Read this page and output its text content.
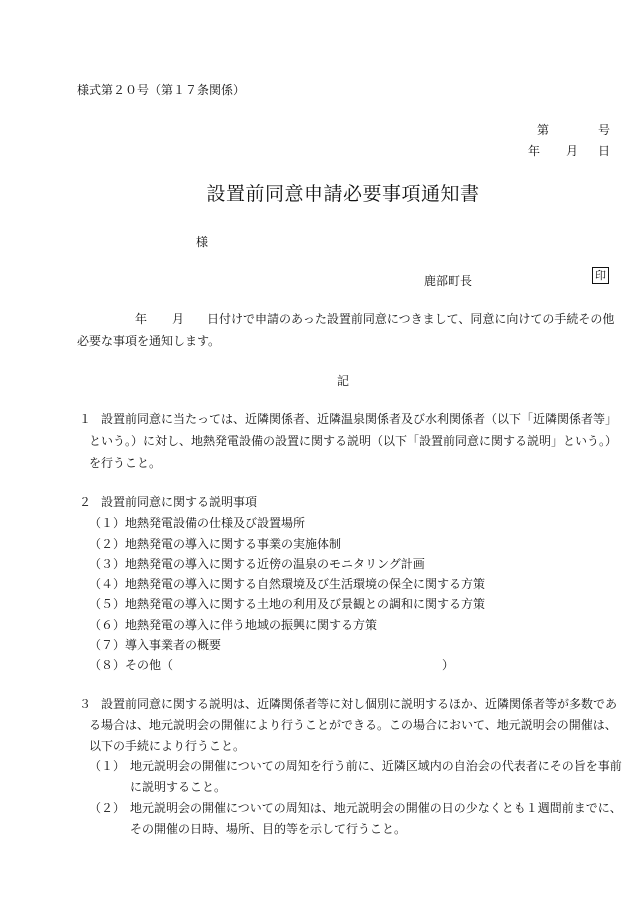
様式第２０号（第１７条関係）
第	号
年 月 日
設置前同意申請必要事項通知書
様
鹿部町長	印
年 月 日付けで申請のあった設置前同意につきまして、同意に向けての手続その他
必要な事項を通知します。
記
１ 設置前同意に当たっては、近隣関係者、近隣温泉関係者及び水利関係者（以下「近隣関係者等」
という。）に対し、地熱発電設備の設置に関する説明（以下「設置前同意に関する説明」という。）
を行うこと。
２ 設置前同意に関する説明事項
（１） 地熱発電設備の仕様及び設置場所
（２） 地熱発電の導入に関する事業の実施体制
（３） 地熱発電の導入に関する近傍の温泉のモニタリング計画
（４） 地熱発電の導入に関する自然環境及び生活環境の保全に関する方策
（５） 地熱発電の導入に関する土地の利用及び景観との調和に関する方策
（６） 地熱発電の導入に伴う地域の振興に関する方策
（７） 導入事業者の概要
（８） その他（	）
３ 設置前同意に関する説明は、近隣関係者等に対し個別に説明するほか、近隣関係者等が多数であ
る場合は、地元説明会の開催により行うことができる。この場合において、地元説明会の開催は、
以下の手続により行うこと。
（１） 地元説明会の開催についての周知を行う前に、近隣区域内の自治会の代表者にその旨を事前
に説明すること。
（２） 地元説明会の開催についての周知は、地元説明会の開催の日の少なくとも１週間前までに、
その開催の日時、場所、目的等を示して行うこと。
